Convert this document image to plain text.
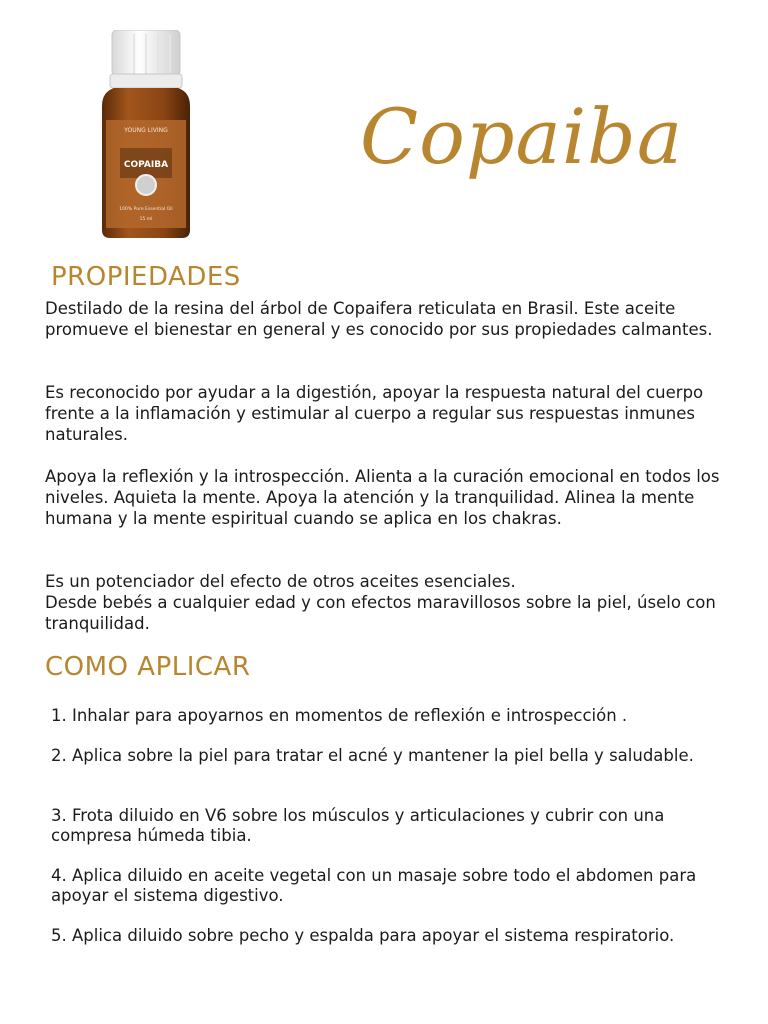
YOUNG LIVING
COPAIBA
100% Pure Essential Oil
15 ml
Copaiba
PROPIEDADES

Destilado de la resina del árbol de Copaifera reticulata en Brasil. Este aceite promueve el bienestar en general y es conocido por sus propiedades calmantes.

Es reconocido por ayudar a la digestión, apoyar la respuesta natural del cuerpo frente a la inflamación y estimular al cuerpo a regular sus respuestas inmunes naturales.

Apoya la reflexión y la introspección. Alienta a la curación emocional en todos los niveles. Aquieta la mente. Apoya la atención y la tranquilidad. Alinea la mente humana y la mente espiritual cuando se aplica en los chakras.

Es un potenciador del efecto de otros aceites esenciales.

Desde bebés a cualquier edad y con efectos maravillosos sobre la piel, úselo con tranquilidad.

COMO APLICAR

1. Inhalar para apoyarnos en momentos de reflexión e introspección .

2. Aplica sobre la piel para tratar el acné y mantener la piel bella y saludable.

3. Frota diluido en V6 sobre los músculos y articulaciones y cubrir con una compresa húmeda tibia.

4. Aplica diluido en aceite vegetal con un masaje sobre todo el abdomen para apoyar el sistema digestivo.

5. Aplica diluido sobre pecho y espalda para apoyar el sistema respiratorio.
